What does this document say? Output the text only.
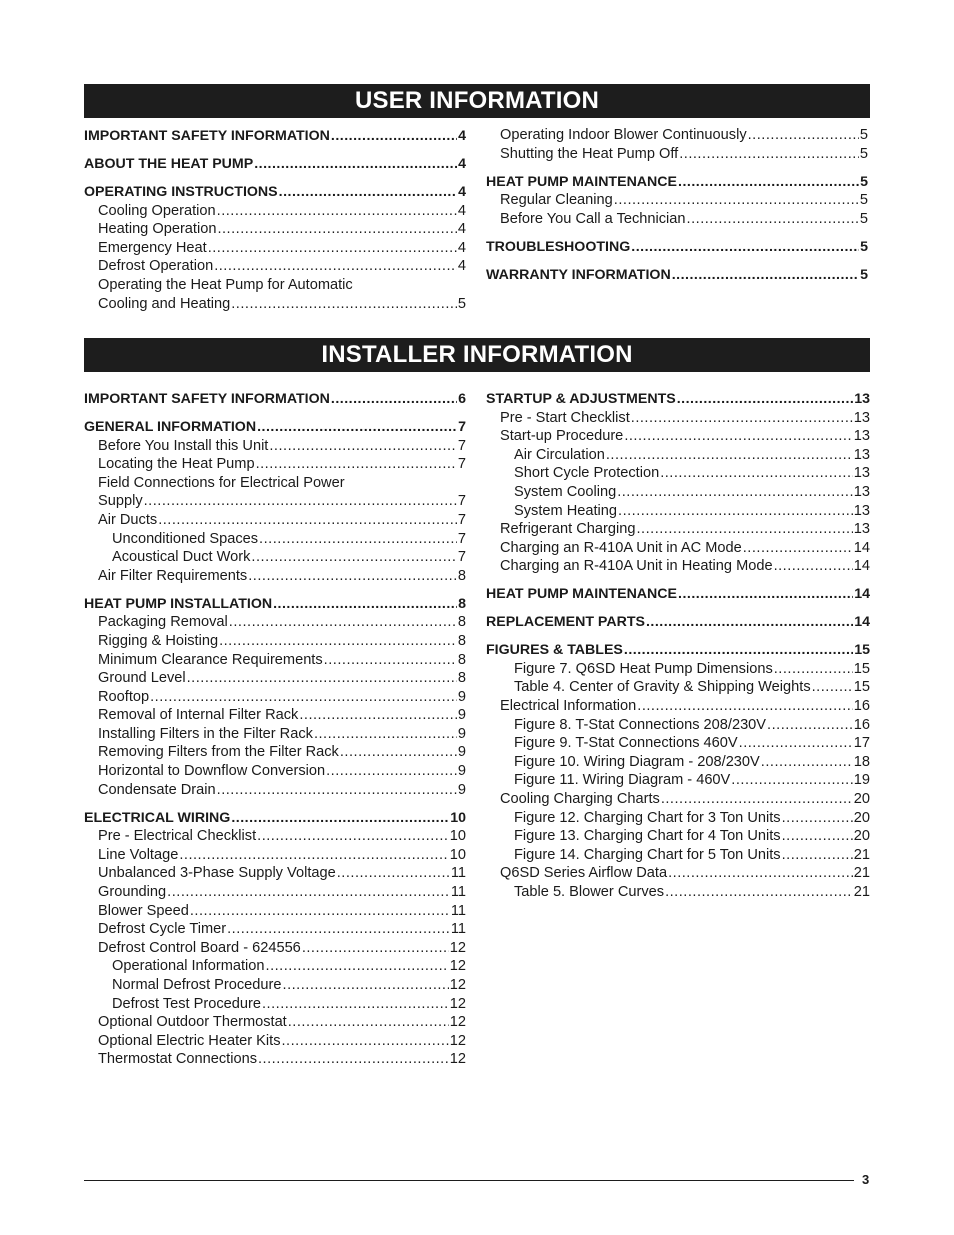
USER INFORMATION
IMPORTANT SAFETY INFORMATION .....	4
ABOUT THE HEAT PUMP .....	4
OPERATING INSTRUCTIONS .....	4
Cooling Operation .....	4
Heating Operation .....	4
Emergency Heat .....	4
Defrost Operation .....	4
Operating the Heat Pump for Automatic
Cooling and Heating .....	5
Operating Indoor Blower Continuously .....	5
Shutting the Heat Pump Off .....	5
HEAT PUMP MAINTENANCE .....	5
Regular Cleaning .....	5
Before You Call a Technician .....	5
TROUBLESHOOTING .....	5
WARRANTY INFORMATION .....	5
INSTALLER INFORMATION
IMPORTANT SAFETY INFORMATION .....	6
GENERAL INFORMATION .....	7
Before You Install this Unit .....	7
Locating the Heat Pump .....	7
Field Connections for Electrical Power
Supply .....	7
Air Ducts .....	7
Unconditioned Spaces .....	7
Acoustical Duct Work .....	7
Air Filter Requirements .....	8
HEAT PUMP INSTALLATION .....	8
Packaging Removal .....	8
Rigging & Hoisting .....	8
Minimum Clearance Requirements .....	8
Ground Level .....	8
Rooftop .....	9
Removal of Internal Filter Rack .....	9
Installing Filters in the Filter Rack .....	9
Removing Filters from the Filter Rack .....	9
Horizontal to Downflow Conversion .....	9
Condensate Drain .....	9
ELECTRICAL WIRING .....	10
Pre - Electrical Checklist .....	10
Line Voltage .....	10
Unbalanced 3-Phase Supply Voltage .....	11
Grounding .....	11
Blower Speed .....	11
Defrost Cycle Timer .....	11
Defrost Control Board - 624556 .....	12
Operational Information .....	12
Normal Defrost Procedure .....	12
Defrost Test Procedure .....	12
Optional Outdoor Thermostat .....	12
Optional Electric Heater Kits .....	12
Thermostat Connections .....	12
STARTUP & ADJUSTMENTS .....	13
Pre - Start Checklist .....	13
Start-up Procedure .....	13
Air Circulation .....	13
Short Cycle Protection .....	13
System Cooling .....	13
System Heating .....	13
Refrigerant Charging .....	13
Charging an R-410A Unit in AC Mode .....	14
Charging an R-410A Unit in Heating Mode .....	14
HEAT PUMP MAINTENANCE .....	14
REPLACEMENT PARTS .....	14
FIGURES & TABLES .....	15
Figure 7. Q6SD Heat Pump Dimensions .....	15
Table 4. Center of Gravity & Shipping Weights .....	15
Electrical Information .....	16
Figure 8. T-Stat Connections 208/230V .....	16
Figure 9. T-Stat Connections 460V .....	17
Figure 10. Wiring Diagram - 208/230V .....	18
Figure 11. Wiring Diagram - 460V .....	19
Cooling Charging Charts .....	20
Figure 12. Charging Chart for 3 Ton Units .....	20
Figure 13. Charging Chart for 4 Ton Units .....	20
Figure 14. Charging Chart for 5 Ton Units .....	21
Q6SD Series Airflow Data .....	21
Table 5. Blower Curves .....	21
3
